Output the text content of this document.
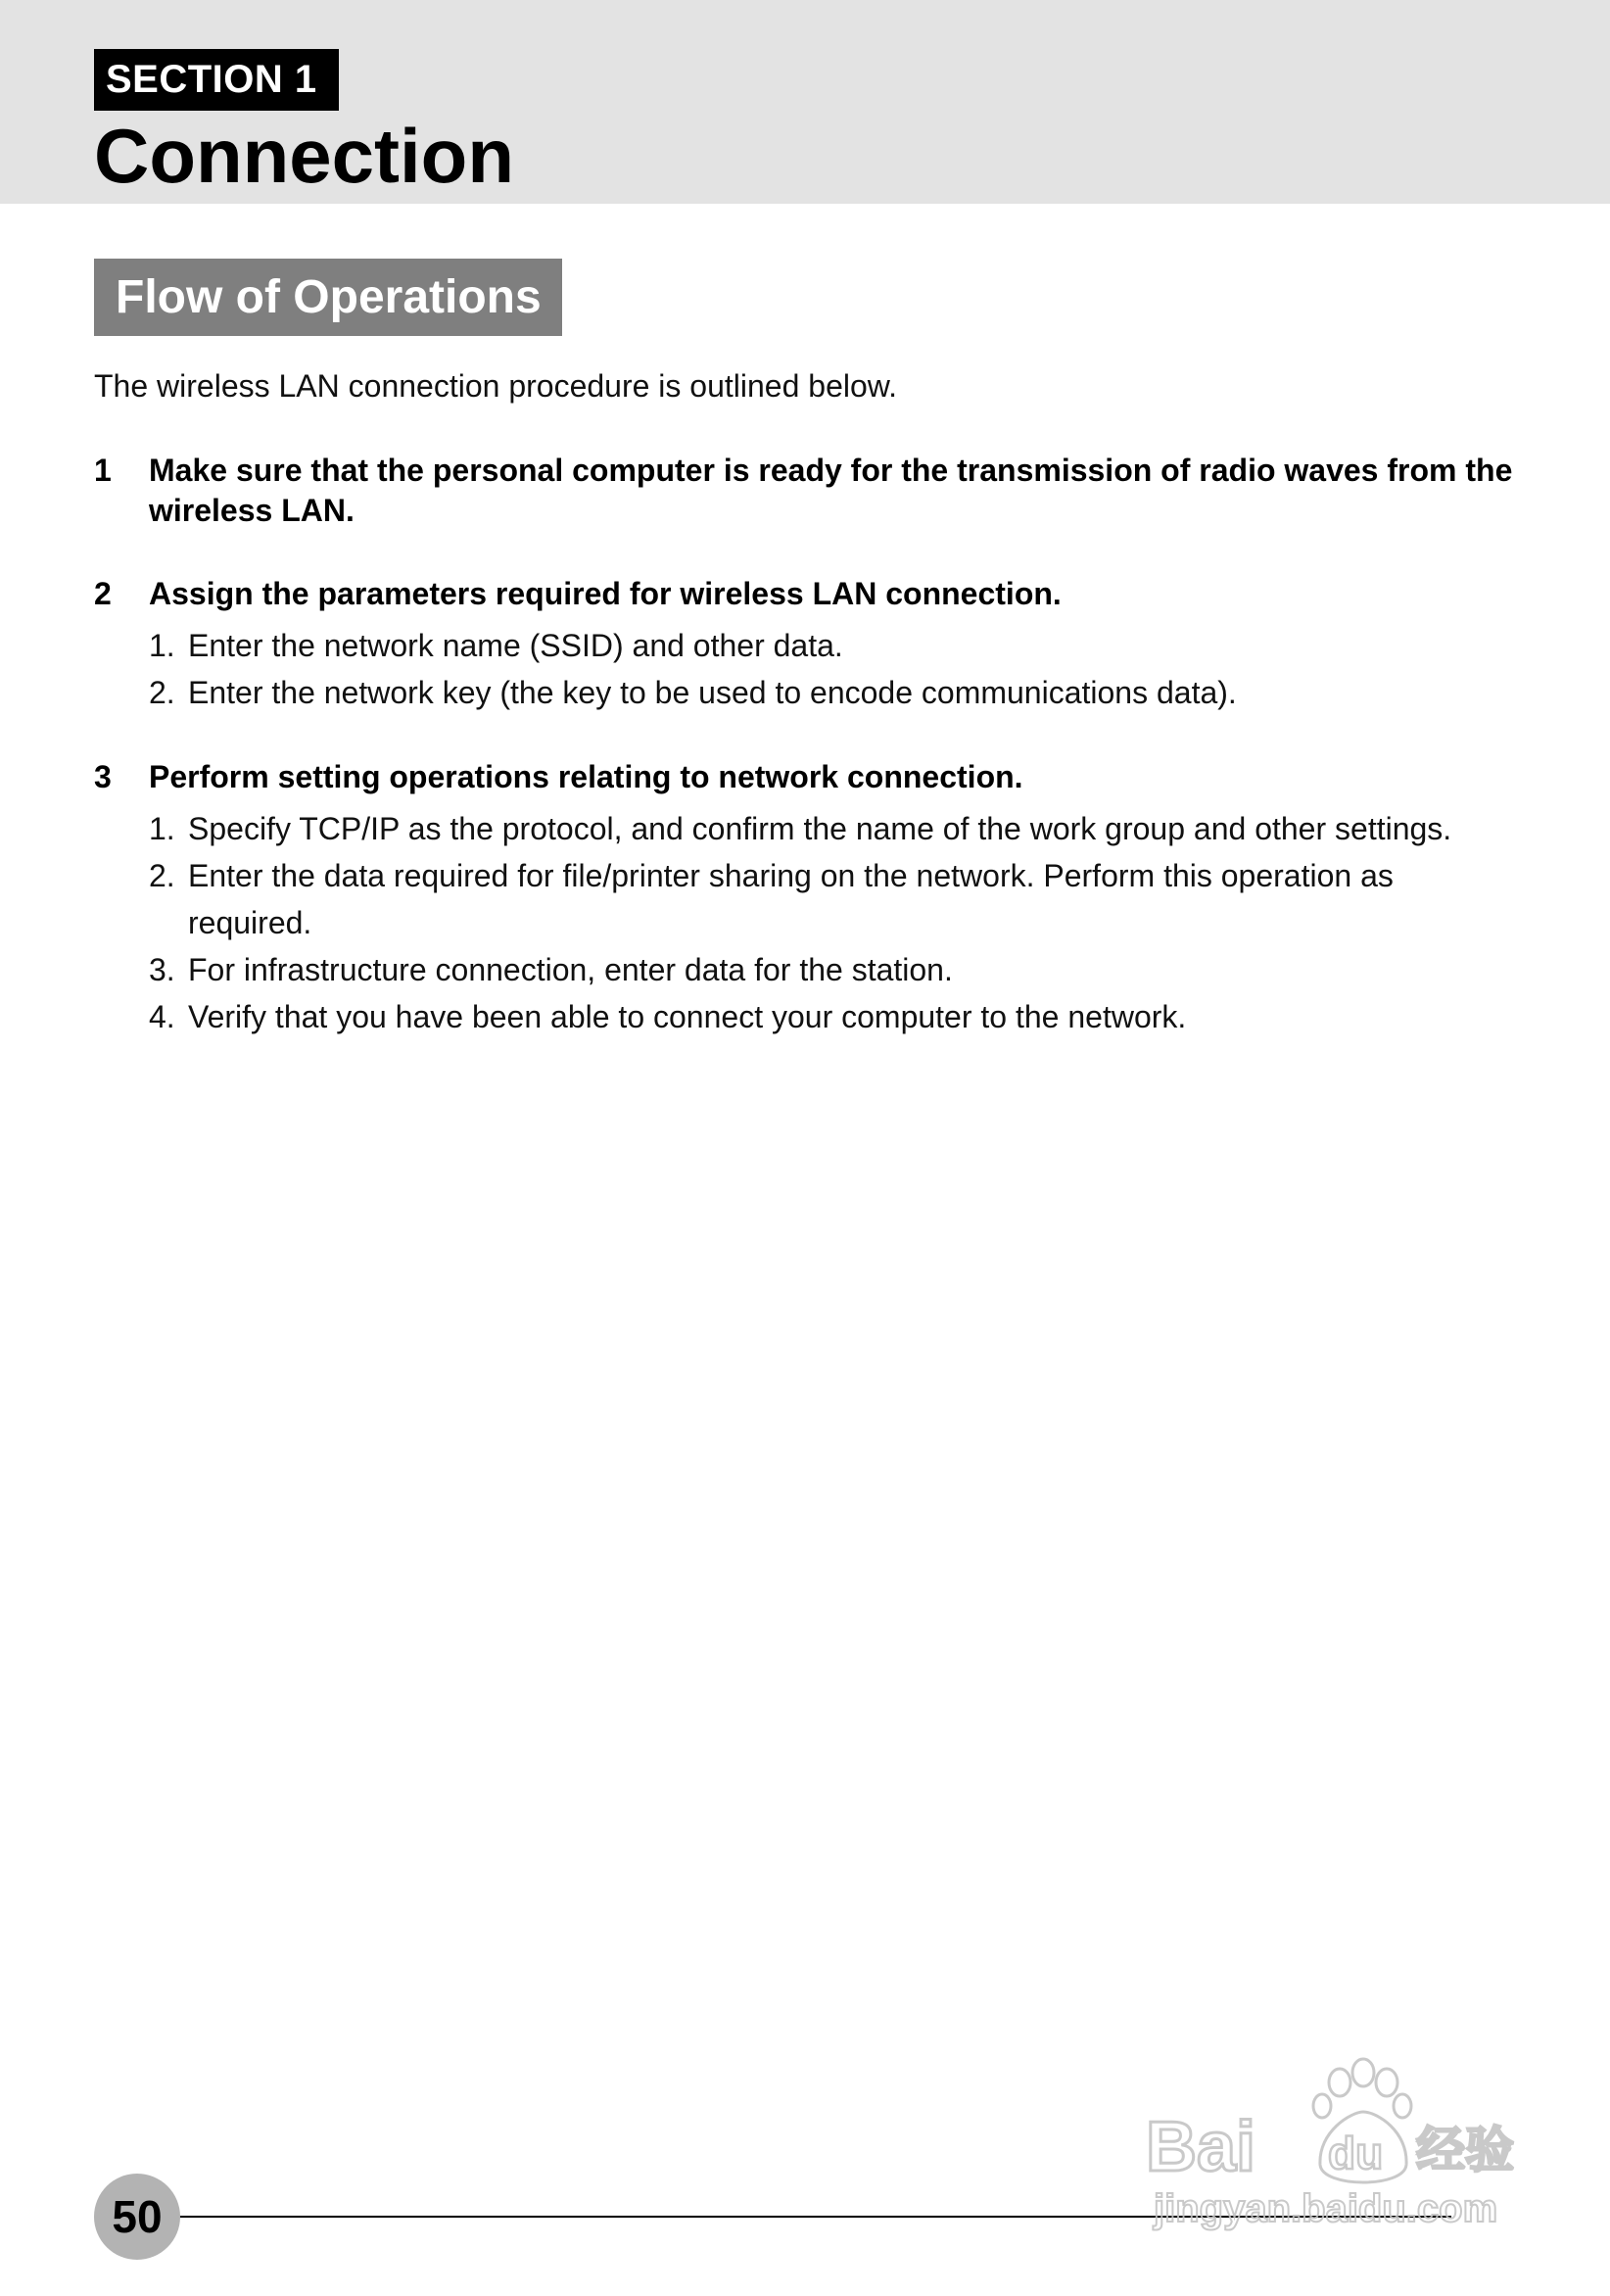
SECTION 1
Connection
Flow of Operations
The wireless LAN connection procedure is outlined below.
1 Make sure that the personal computer is ready for the transmission of radio waves from the wireless LAN.
2 Assign the parameters required for wireless LAN connection.
1. Enter the network name (SSID) and other data.
2. Enter the network key (the key to be used to encode communications data).
3 Perform setting operations relating to network connection.
1. Specify TCP/IP as the protocol, and confirm the name of the work group and other settings.
2. Enter the data required for file/printer sharing on the network. Perform this operation as required.
3. For infrastructure connection, enter data for the station.
4. Verify that you have been able to connect your computer to the network.
50
Bai du 经验
jingyan.baidu.com
